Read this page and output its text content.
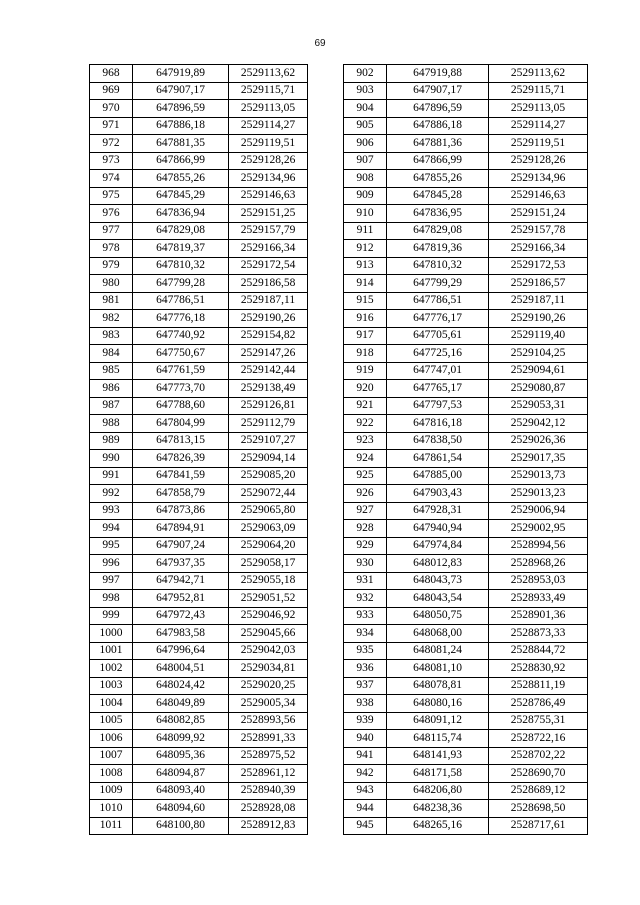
69
968	647919,89	2529113,62
969	647907,17	2529115,71
970	647896,59	2529113,05
971	647886,18	2529114,27
972	647881,35	2529119,51
973	647866,99	2529128,26
974	647855,26	2529134,96
975	647845,29	2529146,63
976	647836,94	2529151,25
977	647829,08	2529157,79
978	647819,37	2529166,34
979	647810,32	2529172,54
980	647799,28	2529186,58
981	647786,51	2529187,11
982	647776,18	2529190,26
983	647740,92	2529154,82
984	647750,67	2529147,26
985	647761,59	2529142,44
986	647773,70	2529138,49
987	647788,60	2529126,81
988	647804,99	2529112,79
989	647813,15	2529107,27
990	647826,39	2529094,14
991	647841,59	2529085,20
992	647858,79	2529072,44
993	647873,86	2529065,80
994	647894,91	2529063,09
995	647907,24	2529064,20
996	647937,35	2529058,17
997	647942,71	2529055,18
998	647952,81	2529051,52
999	647972,43	2529046,92
1000	647983,58	2529045,66
1001	647996,64	2529042,03
1002	648004,51	2529034,81
1003	648024,42	2529020,25
1004	648049,89	2529005,34
1005	648082,85	2528993,56
1006	648099,92	2528991,33
1007	648095,36	2528975,52
1008	648094,87	2528961,12
1009	648093,40	2528940,39
1010	648094,60	2528928,08
1011	648100,80	2528912,83
902	647919,88	2529113,62
903	647907,17	2529115,71
904	647896,59	2529113,05
905	647886,18	2529114,27
906	647881,36	2529119,51
907	647866,99	2529128,26
908	647855,26	2529134,96
909	647845,28	2529146,63
910	647836,95	2529151,24
911	647829,08	2529157,78
912	647819,36	2529166,34
913	647810,32	2529172,53
914	647799,29	2529186,57
915	647786,51	2529187,11
916	647776,17	2529190,26
917	647705,61	2529119,40
918	647725,16	2529104,25
919	647747,01	2529094,61
920	647765,17	2529080,87
921	647797,53	2529053,31
922	647816,18	2529042,12
923	647838,50	2529026,36
924	647861,54	2529017,35
925	647885,00	2529013,73
926	647903,43	2529013,23
927	647928,31	2529006,94
928	647940,94	2529002,95
929	647974,84	2528994,56
930	648012,83	2528968,26
931	648043,73	2528953,03
932	648043,54	2528933,49
933	648050,75	2528901,36
934	648068,00	2528873,33
935	648081,24	2528844,72
936	648081,10	2528830,92
937	648078,81	2528811,19
938	648080,16	2528786,49
939	648091,12	2528755,31
940	648115,74	2528722,16
941	648141,93	2528702,22
942	648171,58	2528690,70
943	648206,80	2528689,12
944	648238,36	2528698,50
945	648265,16	2528717,61
